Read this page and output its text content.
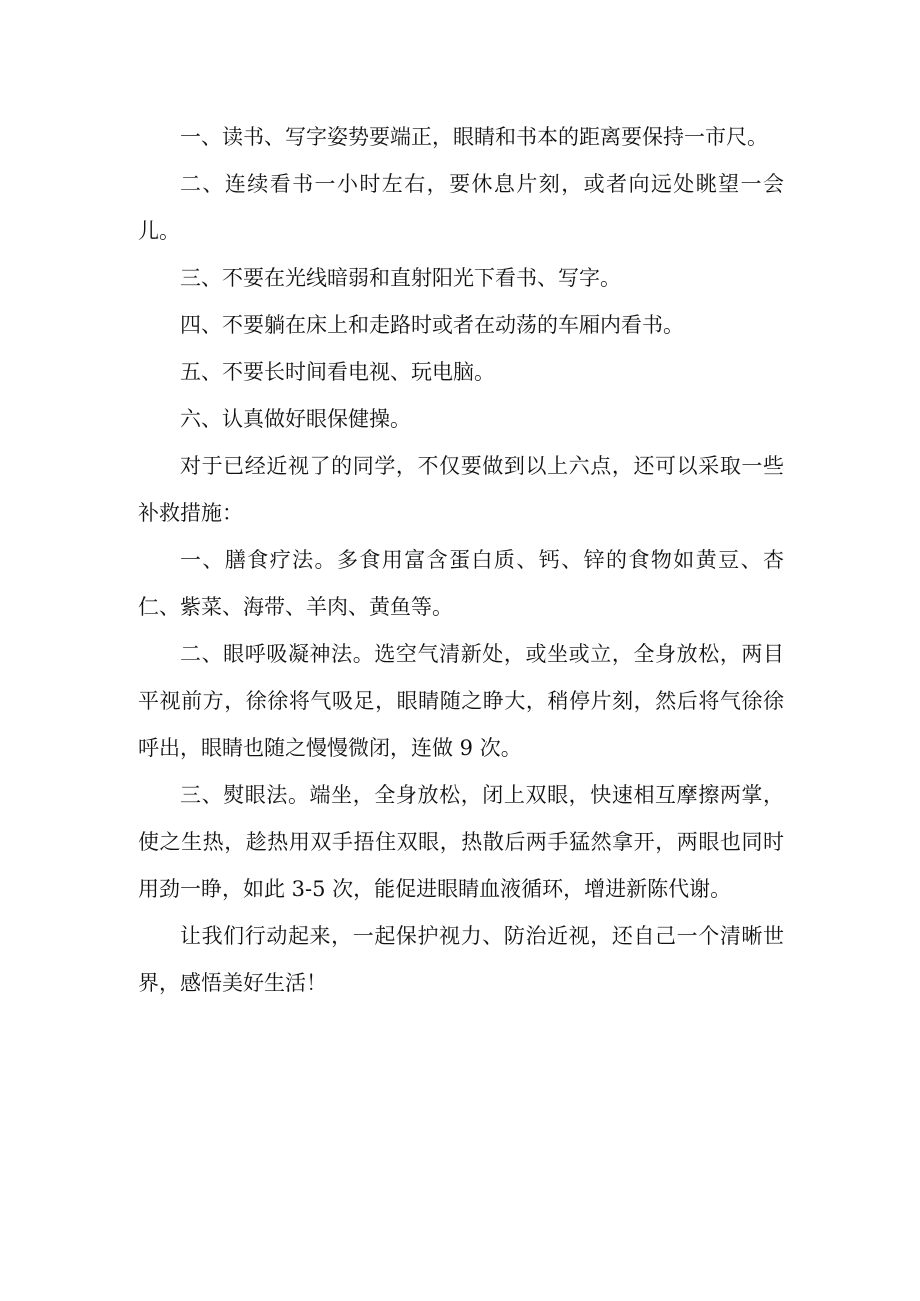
一、读书、写字姿势要端正，眼睛和书本的距离要保持一市尺。

二、连续看书一小时左右，要休息片刻，或者向远处眺望一会儿。

三、不要在光线暗弱和直射阳光下看书、写字。

四、不要躺在床上和走路时或者在动荡的车厢内看书。

五、不要长时间看电视、玩电脑。

六、认真做好眼保健操。

对于已经近视了的同学，不仅要做到以上六点，还可以采取一些补救措施：

一、膳食疗法。多食用富含蛋白质、钙、锌的食物如黄豆、杏仁、紫菜、海带、羊肉、黄鱼等。

二、眼呼吸凝神法。选空气清新处，或坐或立，全身放松，两目平视前方，徐徐将气吸足，眼睛随之睁大，稍停片刻，然后将气徐徐呼出，眼睛也随之慢慢微闭，连做 9 次。

三、熨眼法。端坐，全身放松，闭上双眼，快速相互摩擦两掌，使之生热，趁热用双手捂住双眼，热散后两手猛然拿开，两眼也同时用劲一睁，如此 3-5 次，能促进眼睛血液循环，增进新陈代谢。

让我们行动起来，一起保护视力、防治近视，还自己一个清晰世界，感悟美好生活！
